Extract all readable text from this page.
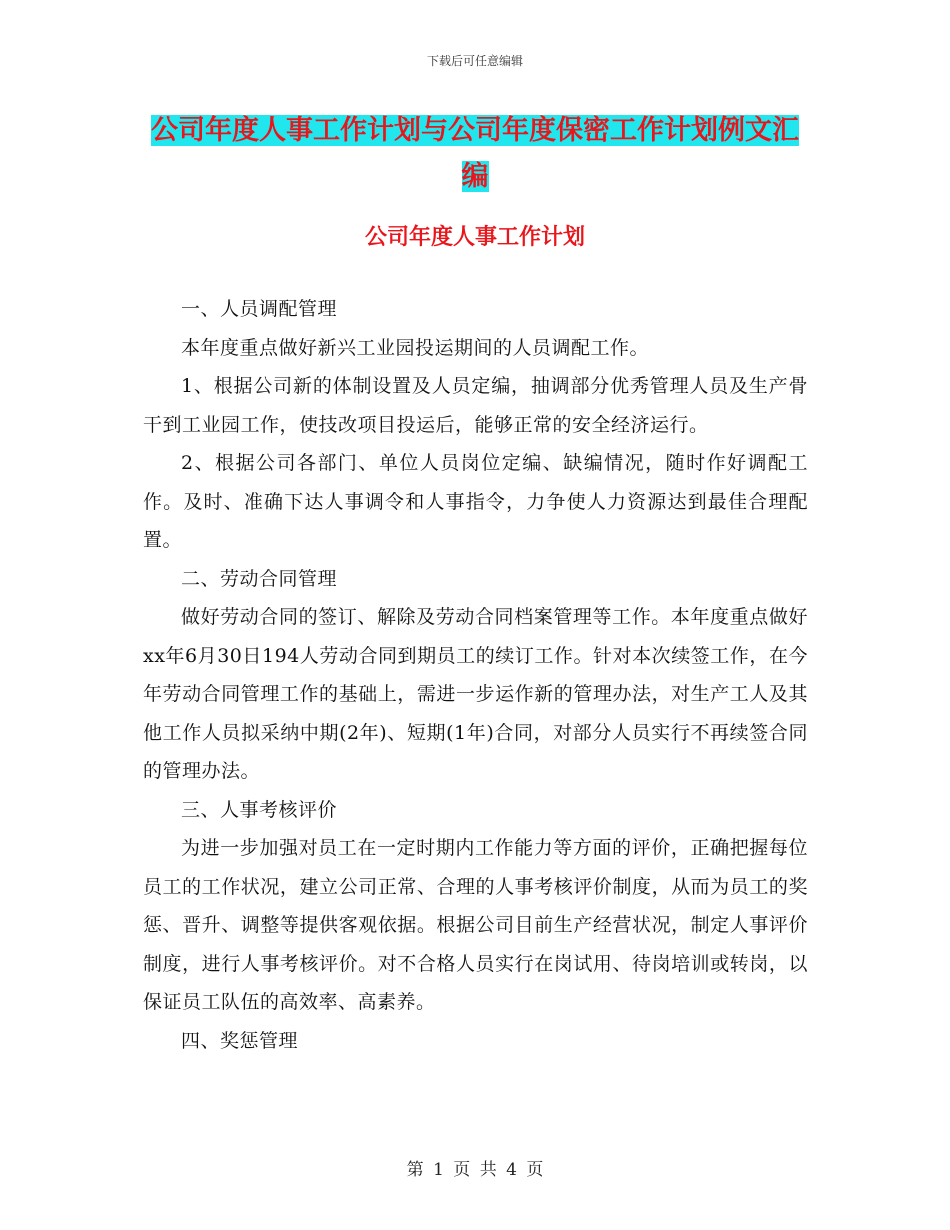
下载后可任意编辑
公司年度人事工作计划与公司年度保密工作计划例文汇编
公司年度人事工作计划

一、人员调配管理

本年度重点做好新兴工业园投运期间的人员调配工作。

1、根据公司新的体制设置及人员定编，抽调部分优秀管理人员及生产骨干到工业园工作，使技改项目投运后，能够正常的安全经济运行。

2、根据公司各部门、单位人员岗位定编、缺编情况，随时作好调配工作。及时、准确下达人事调令和人事指令，力争使人力资源达到最佳合理配置。

二、劳动合同管理

做好劳动合同的签订、解除及劳动合同档案管理等工作。本年度重点做好xx年6月30日194人劳动合同到期员工的续订工作。针对本次续签工作，在今年劳动合同管理工作的基础上，需进一步运作新的管理办法，对生产工人及其他工作人员拟采纳中期(2年)、短期(1年)合同，对部分人员实行不再续签合同的管理办法。

三、人事考核评价

为进一步加强对员工在一定时期内工作能力等方面的评价，正确把握每位员工的工作状况，建立公司正常、合理的人事考核评价制度，从而为员工的奖惩、晋升、调整等提供客观依据。根据公司目前生产经营状况，制定人事评价制度，进行人事考核评价。对不合格人员实行在岗试用、待岗培训或转岗，以保证员工队伍的高效率、高素养。

四、奖惩管理

第 1 页 共 4 页
